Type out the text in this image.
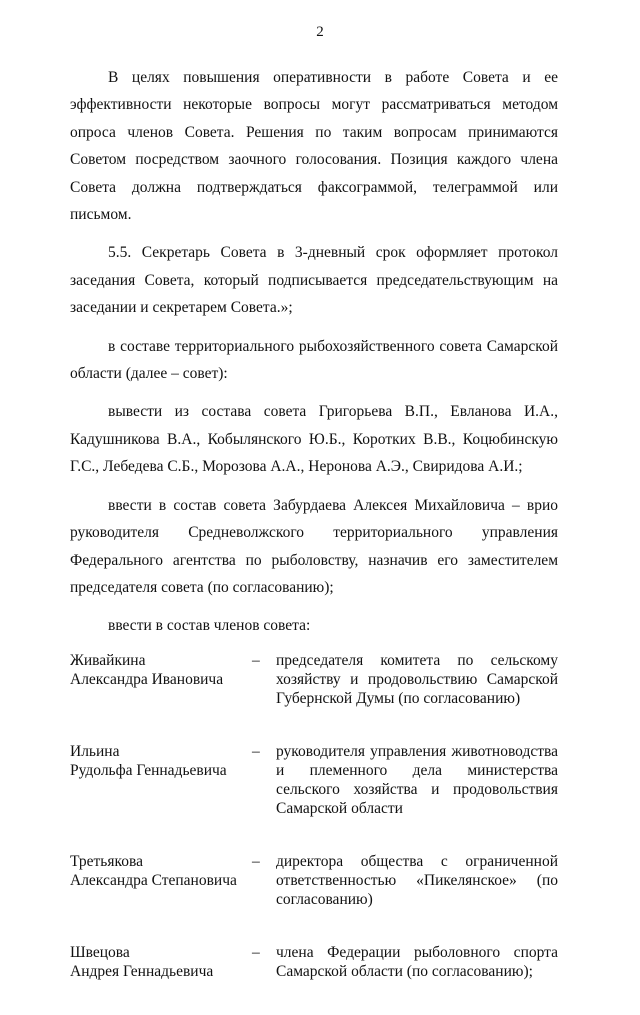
2

В целях повышения оперативности в работе Совета и ее эффективности некоторые вопросы могут рассматриваться методом опроса членов Совета. Решения по таким вопросам принимаются Советом посредством заочного голосования. Позиция каждого члена Совета должна подтверждаться факсограммой, телеграммой или письмом.

5.5. Секретарь Совета в 3-дневный срок оформляет протокол заседания Совета, который подписывается председательствующим на заседании и секретарем Совета.»;

в составе территориального рыбохозяйственного совета Самарской области (далее – совет):

вывести из состава совета Григорьева В.П., Евланова И.А., Кадушникова В.А., Кобылянского Ю.Б., Коротких В.В., Коцюбинскую Г.С., Лебедева С.Б., Морозова А.А., Неронова А.Э., Свиридова А.И.;

ввести в состав совета Забурдаева Алексея Михайловича – врио руководителя Средневолжского территориального управления Федерального агентства по рыболовству, назначив его заместителем председателя совета (по согласованию);

ввести в состав членов совета:

Живайкина
Александра Ивановича
–	председателя комитета по сельскому хозяйству и продовольствию Самарской Губернской Думы (по согласованию)
Ильина
Рудольфа Геннадьевича
–	руководителя управления животноводства и племенного дела министерства сельского хозяйства и продовольствия Самарской области
Третьякова
Александра Степановича
–	директора общества с ограниченной ответственностью «Пикелянское» (по согласованию)
Швецова
Андрея Геннадьевича
–	члена Федерации рыболовного спорта Самарской области (по согласованию);
